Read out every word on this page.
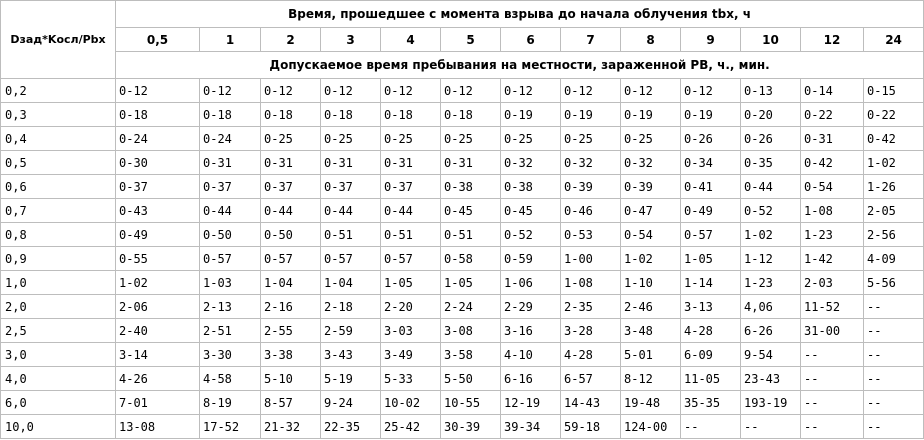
Dзад*Kосл/Pbx	Время, прошедшее с момента взрыва до начала облучения tbx, ч												
	0,5	1	2	3	4	5	6	7	8	9	10	12	24
	Допускаемое время пребывания на местности, зараженной РВ, ч., мин.												
0,2	0-12	0-12	0-12	0-12	0-12	0-12	0-12	0-12	0-12	0-12	0-13	0-14	0-15
0,3	0-18	0-18	0-18	0-18	0-18	0-18	0-19	0-19	0-19	0-19	0-20	0-22	0-22
0,4	0-24	0-24	0-25	0-25	0-25	0-25	0-25	0-25	0-25	0-26	0-26	0-31	0-42
0,5	0-30	0-31	0-31	0-31	0-31	0-31	0-32	0-32	0-32	0-34	0-35	0-42	1-02
0,6	0-37	0-37	0-37	0-37	0-37	0-38	0-38	0-39	0-39	0-41	0-44	0-54	1-26
0,7	0-43	0-44	0-44	0-44	0-44	0-45	0-45	0-46	0-47	0-49	0-52	1-08	2-05
0,8	0-49	0-50	0-50	0-51	0-51	0-51	0-52	0-53	0-54	0-57	1-02	1-23	2-56
0,9	0-55	0-57	0-57	0-57	0-57	0-58	0-59	1-00	1-02	1-05	1-12	1-42	4-09
1,0	1-02	1-03	1-04	1-04	1-05	1-05	1-06	1-08	1-10	1-14	1-23	2-03	5-56
2,0	2-06	2-13	2-16	2-18	2-20	2-24	2-29	2-35	2-46	3-13	4,06	11-52	--
2,5	2-40	2-51	2-55	2-59	3-03	3-08	3-16	3-28	3-48	4-28	6-26	31-00	--
3,0	3-14	3-30	3-38	3-43	3-49	3-58	4-10	4-28	5-01	6-09	9-54	--	--
4,0	4-26	4-58	5-10	5-19	5-33	5-50	6-16	6-57	8-12	11-05	23-43	--	--
6,0	7-01	8-19	8-57	9-24	10-02	10-55	12-19	14-43	19-48	35-35	193-19	--	--
10,0	13-08	17-52	21-32	22-35	25-42	30-39	39-34	59-18	124-00	--	--	--	--
